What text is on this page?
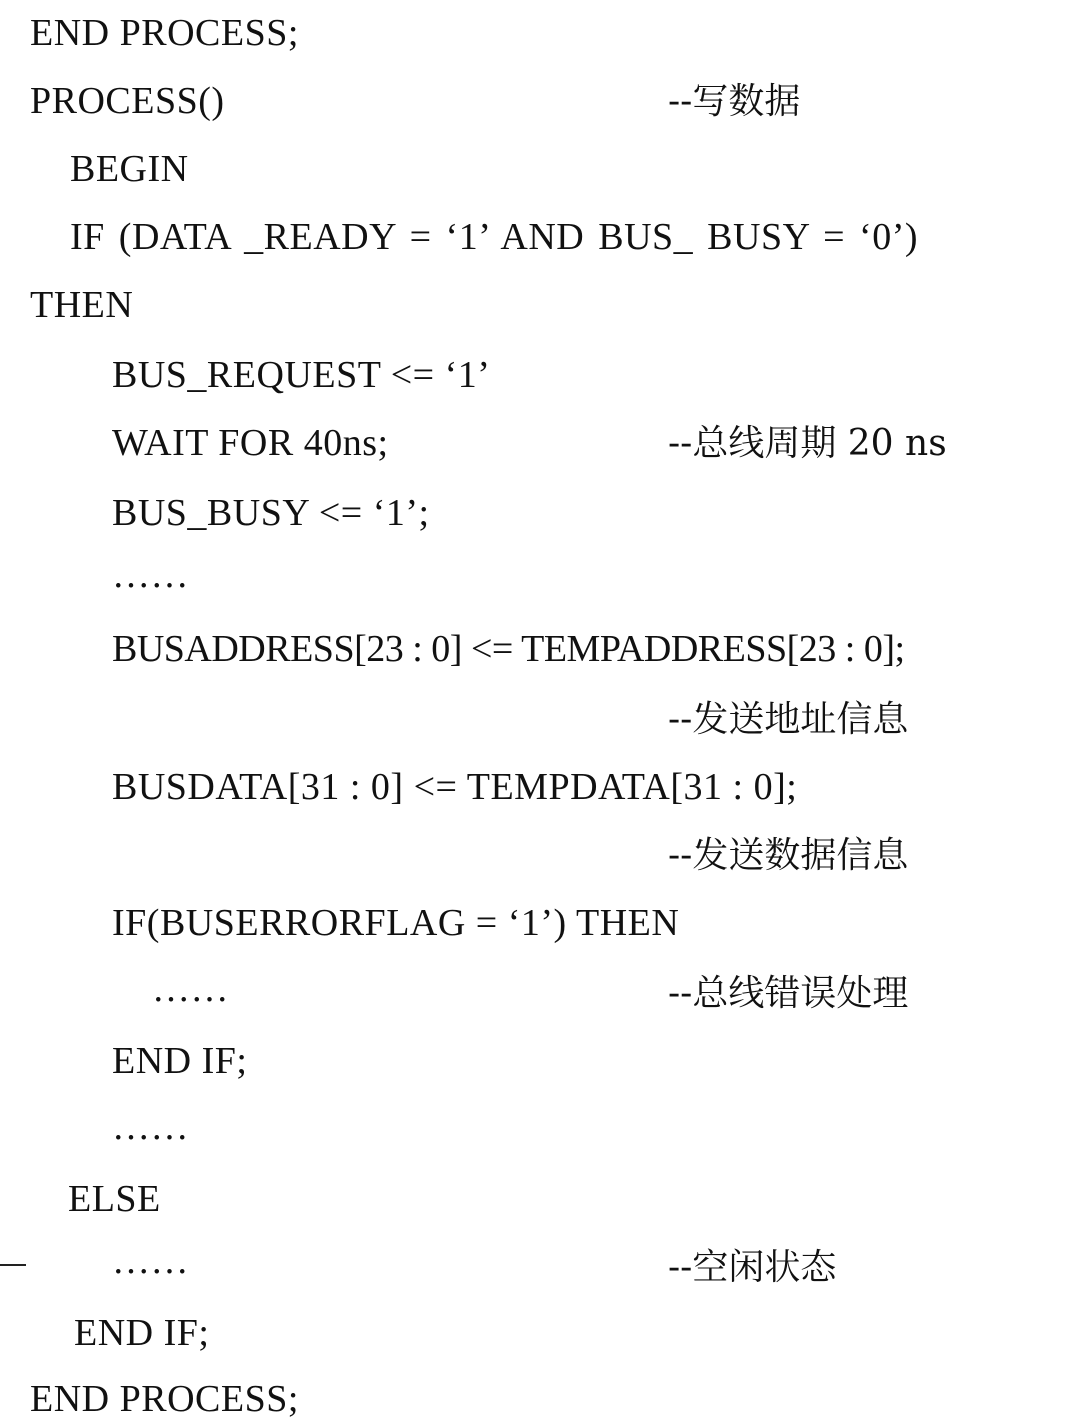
END PROCESS;
PROCESS()	--写数据
BEGIN
IF (DATA _READY = ‘1’ AND BUS_ BUSY = ‘0’)
THEN
BUS_REQUEST <= ‘1’
WAIT FOR 40ns;	--总线周期 20 ns
BUS_BUSY <= ‘1’;
……
BUSADDRESS[23 : 0] <= TEMPADDRESS[23 : 0];
--发送地址信息
BUSDATA[31 : 0] <= TEMPDATA[31 : 0];
--发送数据信息
IF(BUSERRORFLAG = ‘1’) THEN
……	--总线错误处理
END IF;
……
ELSE
……	--空闲状态
END IF;
END PROCESS;
